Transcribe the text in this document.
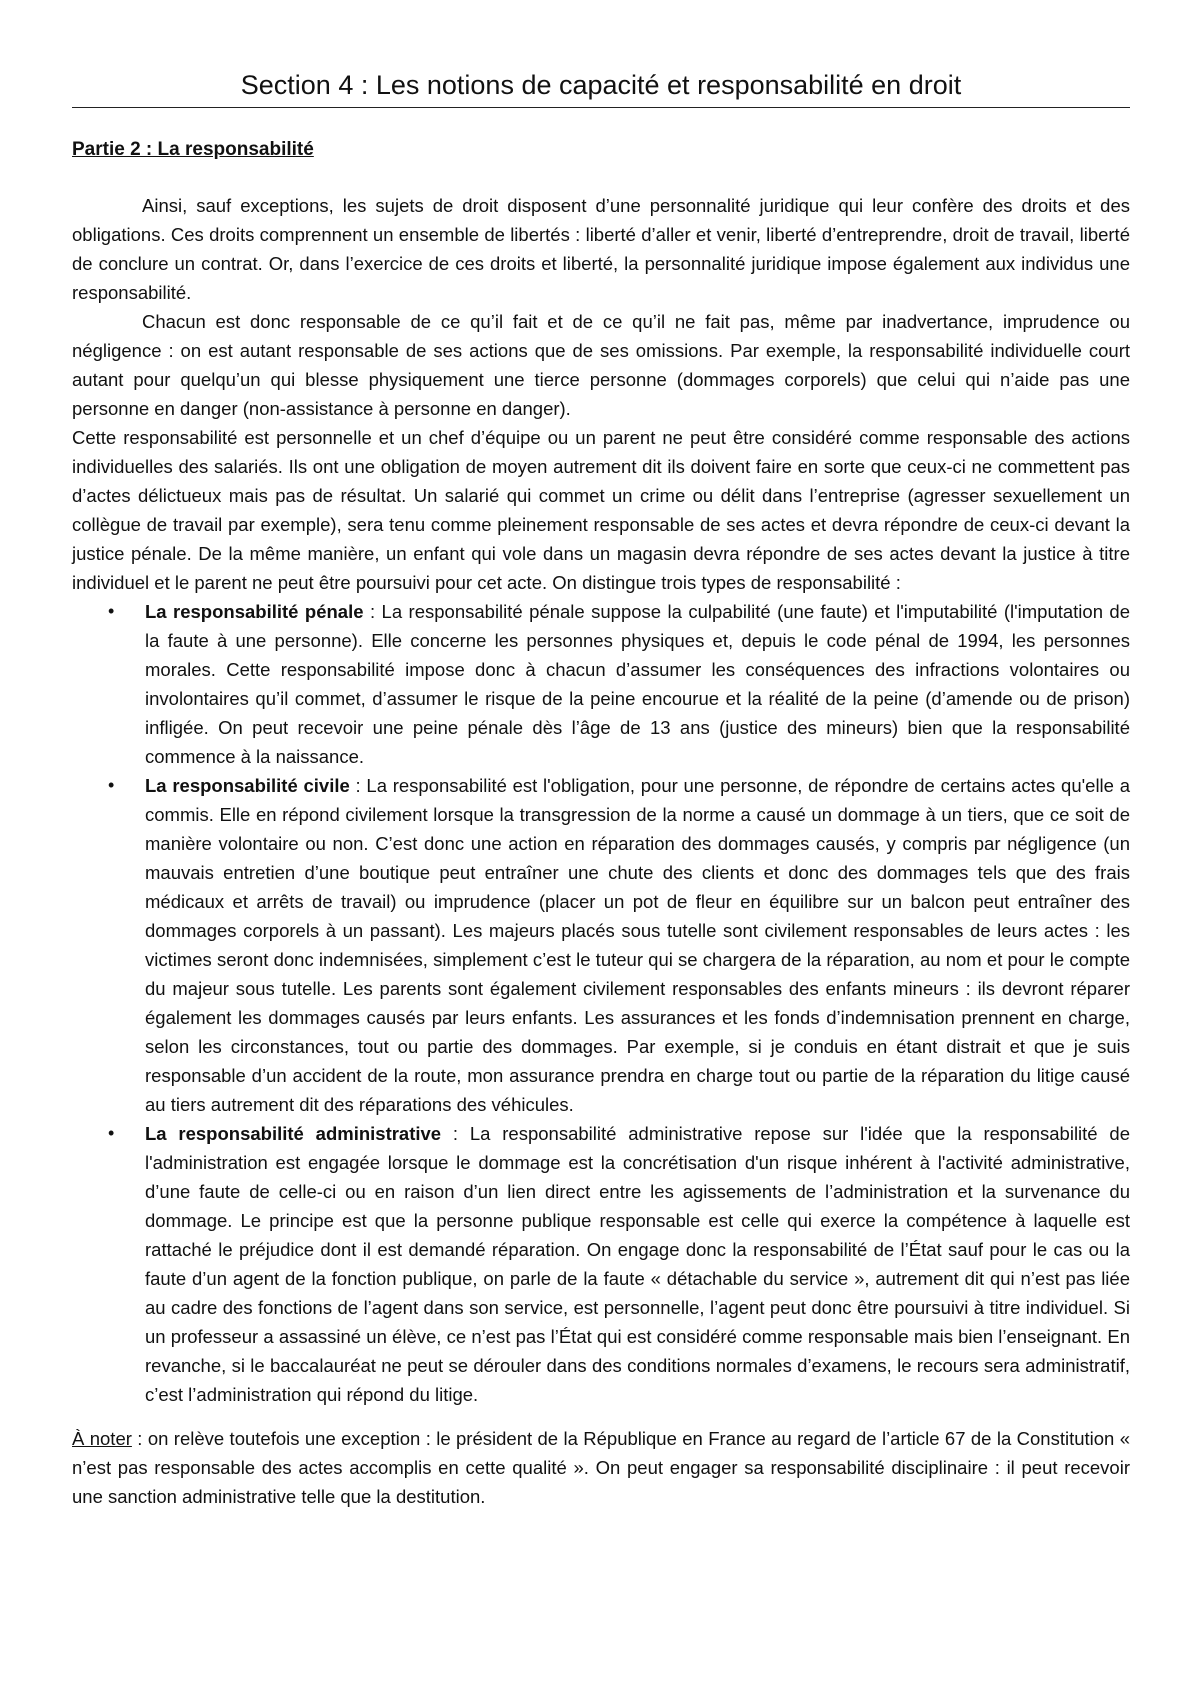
Section 4 : Les notions de capacité et responsabilité en droit
Partie 2 : La responsabilité

Ainsi, sauf exceptions, les sujets de droit disposent d’une personnalité juridique qui leur confère des droits et des obligations. Ces droits comprennent un ensemble de libertés : liberté d’aller et venir, liberté d’entreprendre, droit de travail, liberté de conclure un contrat. Or, dans l’exercice de ces droits et liberté, la personnalité juridique impose également aux individus une responsabilité.

Chacun est donc responsable de ce qu’il fait et de ce qu’il ne fait pas, même par inadvertance, imprudence ou négligence : on est autant responsable de ses actions que de ses omissions. Par exemple, la responsabilité individuelle court autant pour quelqu’un qui blesse physiquement une tierce personne (dommages corporels) que celui qui n’aide pas une personne en danger (non-assistance à personne en danger).

Cette responsabilité est personnelle et un chef d’équipe ou un parent ne peut être considéré comme responsable des actions individuelles des salariés. Ils ont une obligation de moyen autrement dit ils doivent faire en sorte que ceux-ci ne commettent pas d’actes délictueux mais pas de résultat. Un salarié qui commet un crime ou délit dans l’entreprise (agresser sexuellement un collègue de travail par exemple), sera tenu comme pleinement responsable de ses actes et devra répondre de ceux-ci devant la justice pénale. De la même manière, un enfant qui vole dans un magasin devra répondre de ses actes devant la justice à titre individuel et le parent ne peut être poursuivi pour cet acte. On distingue trois types de responsabilité :

• La responsabilité pénale : La responsabilité pénale suppose la culpabilité (une faute) et l'imputabilité (l'imputation de la faute à une personne). Elle concerne les personnes physiques et, depuis le code pénal de 1994, les personnes morales. Cette responsabilité impose donc à chacun d’assumer les conséquences des infractions volontaires ou involontaires qu’il commet, d’assumer le risque de la peine encourue et la réalité de la peine (d’amende ou de prison) infligée. On peut recevoir une peine pénale dès l’âge de 13 ans (justice des mineurs) bien que la responsabilité commence à la naissance.
• La responsabilité civile : La responsabilité est l'obligation, pour une personne, de répondre de certains actes qu'elle a commis. Elle en répond civilement lorsque la transgression de la norme a causé un dommage à un tiers, que ce soit de manière volontaire ou non. C’est donc une action en réparation des dommages causés, y compris par négligence (un mauvais entretien d’une boutique peut entraîner une chute des clients et donc des dommages tels que des frais médicaux et arrêts de travail) ou imprudence (placer un pot de fleur en équilibre sur un balcon peut entraîner des dommages corporels à un passant). Les majeurs placés sous tutelle sont civilement responsables de leurs actes : les victimes seront donc indemnisées, simplement c’est le tuteur qui se chargera de la réparation, au nom et pour le compte du majeur sous tutelle. Les parents sont également civilement responsables des enfants mineurs : ils devront réparer également les dommages causés par leurs enfants. Les assurances et les fonds d’indemnisation prennent en charge, selon les circonstances, tout ou partie des dommages. Par exemple, si je conduis en étant distrait et que je suis responsable d’un accident de la route, mon assurance prendra en charge tout ou partie de la réparation du litige causé au tiers autrement dit des réparations des véhicules.
• La responsabilité administrative : La responsabilité administrative repose sur l'idée que la responsabilité de l'administration est engagée lorsque le dommage est la concrétisation d'un risque inhérent à l'activité administrative, d’une faute de celle-ci ou en raison d’un lien direct entre les agissements de l’administration et la survenance du dommage. Le principe est que la personne publique responsable est celle qui exerce la compétence à laquelle est rattaché le préjudice dont il est demandé réparation. On engage donc la responsabilité de l’État sauf pour le cas ou la faute d’un agent de la fonction publique, on parle de la faute « détachable du service », autrement dit qui n’est pas liée au cadre des fonctions de l’agent dans son service, est personnelle, l’agent peut donc être poursuivi à titre individuel. Si un professeur a assassiné un élève, ce n’est pas l’État qui est considéré comme responsable mais bien l’enseignant. En revanche, si le baccalauréat ne peut se dérouler dans des conditions normales d’examens, le recours sera administratif, c’est l’administration qui répond du litige.

À noter : on relève toutefois une exception : le président de la République en France au regard de l’article 67 de la Constitution « n’est pas responsable des actes accomplis en cette qualité ». On peut engager sa responsabilité disciplinaire : il peut recevoir une sanction administrative telle que la destitution.
